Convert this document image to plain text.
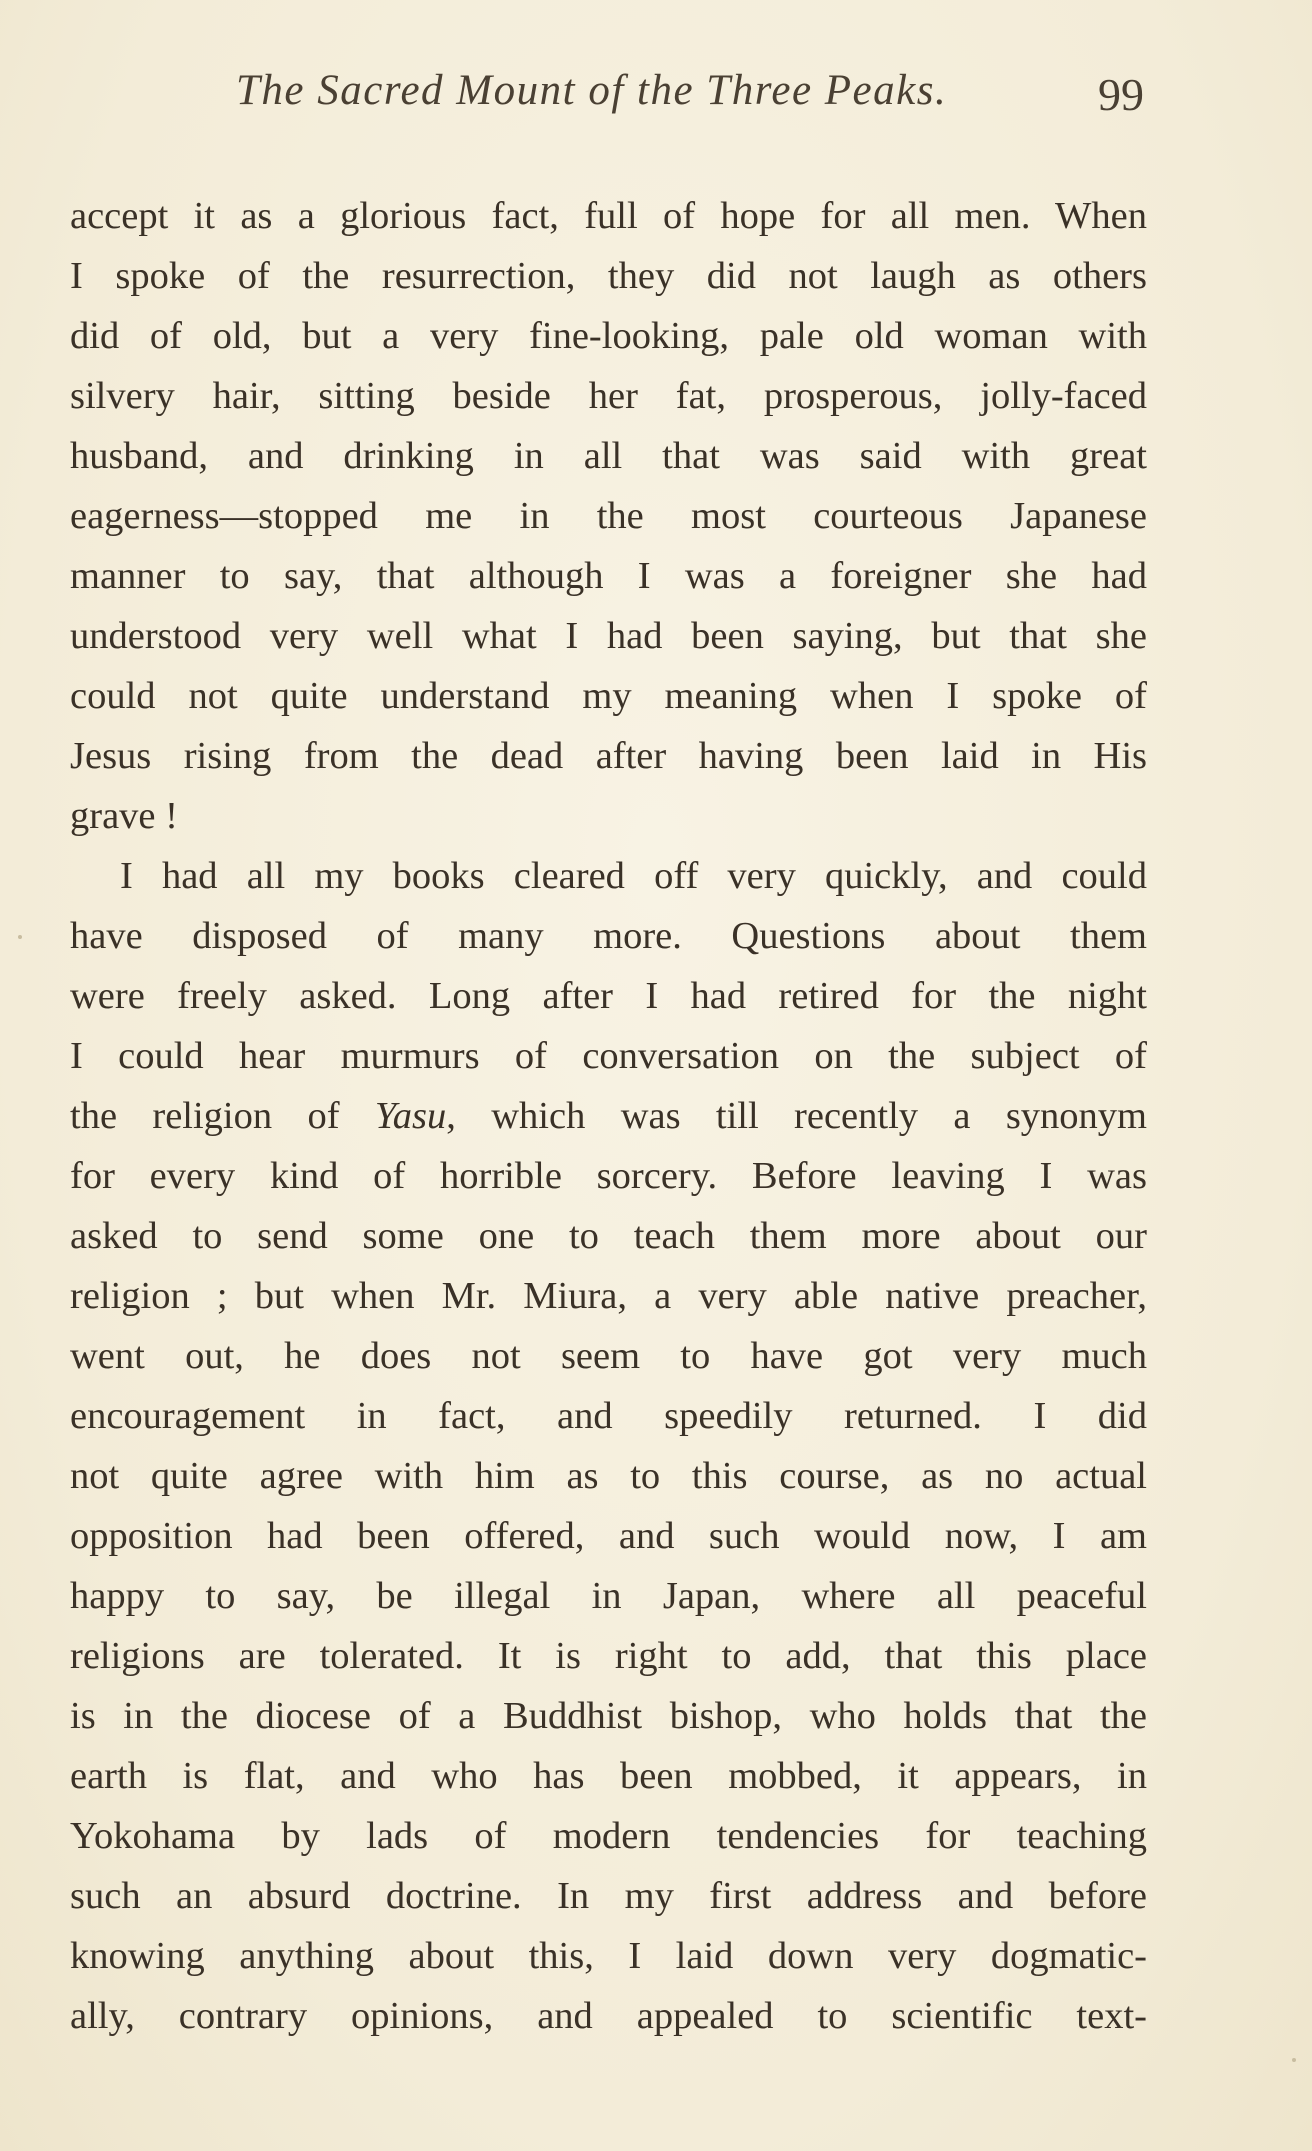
The Sacred Mount of the Three Peaks.	99
accept it as a glorious fact, full of hope for all men. When
I spoke of the resurrection, they did not laugh as others
did of old, but a very fine-looking, pale old woman with
silvery hair, sitting beside her fat, prosperous, jolly-faced
husband, and drinking in all that was said with great
eagerness—stopped me in the most courteous Japanese
manner to say, that although I was a foreigner she had
understood very well what I had been saying, but that she
could not quite understand my meaning when I spoke of
Jesus rising from the dead after having been laid in His
grave !
I had all my books cleared off very quickly, and could
have disposed of many more. Questions about them
were freely asked. Long after I had retired for the night
I could hear murmurs of conversation on the subject of
the religion of Yasu, which was till recently a synonym
for every kind of horrible sorcery. Before leaving I was
asked to send some one to teach them more about our
religion ; but when Mr. Miura, a very able native preacher,
went out, he does not seem to have got very much
encouragement in fact, and speedily returned. I did
not quite agree with him as to this course, as no actual
opposition had been offered, and such would now, I am
happy to say, be illegal in Japan, where all peaceful
religions are tolerated. It is right to add, that this place
is in the diocese of a Buddhist bishop, who holds that the
earth is flat, and who has been mobbed, it appears, in
Yokohama by lads of modern tendencies for teaching
such an absurd doctrine. In my first address and before
knowing anything about this, I laid down very dogmatic-
ally, contrary opinions, and appealed to scientific text-
